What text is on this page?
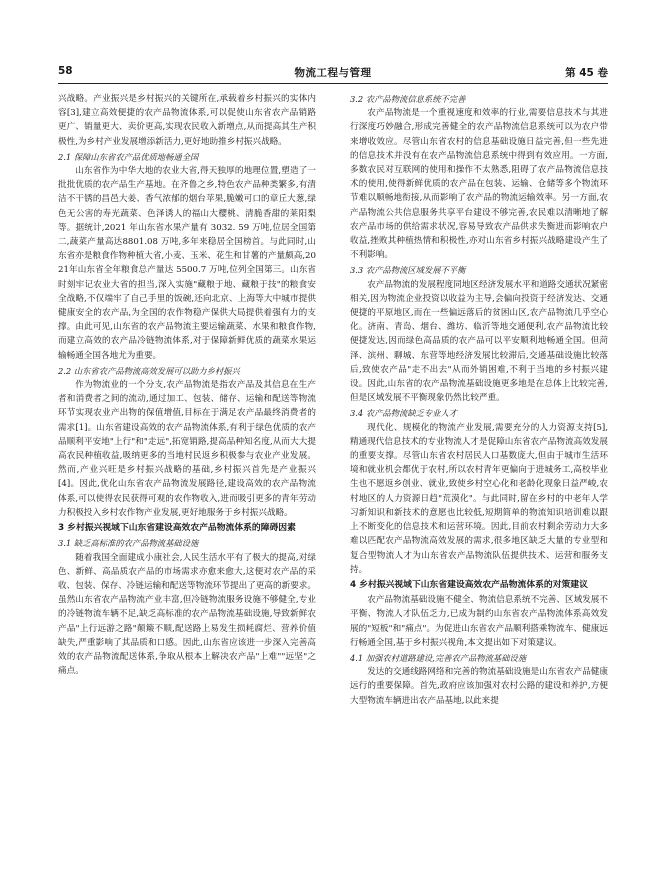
58	物流工程与管理	第 45 卷

兴战略。产业振兴是乡村振兴的关键所在,承载着乡村振兴的实体内容[3],建立高效便捷的农产品物流体系,可以促使山东省农产品销路更广、销量更大、卖价更高,实现农民收入新增点,从而提高其生产积极性,为乡村产业发展增添新活力,更好地助推乡村振兴战略。

2.1 保障山东省农产品优质地畅通全国

山东省作为中华大地的农业大省,得天独厚的地理位置,塑造了一批批优质的农产品生产基地。在齐鲁之乡,特色农产品种类繁多,有清洁不干锈的昌邑大姜、香气浓郁的烟台苹果,脆嫩可口的章丘大葱,绿色无公害的寿光蔬菜、色泽诱人的福山大樱桃、清脆香甜的莱阳梨等。据统计,2021 年山东省水果产量有 3032. 59 万吨,位居全国第二,蔬菜产量高达8801.08 万吨,多年来稳居全国榜首。与此同时,山东省亦是粮食作物种植大省,小麦、玉米、花生和甘薯的产量颇高,2021年山东省全年粮食总产量达 5500.7 万吨,位列全国第三。山东省时刻牢记农业大省的担当,深入实施"藏粮于地、藏粮于技"的粮食安全战略,不仅端牢了自己手里的饭碗,还向北京、上海等大中城市提供健康安全的农产品,为全国的农作物稳产保供大局提供着强有力的支撑。由此可见,山东省的农产品物流主要运输蔬菜、水果和粮食作物,而建立高效的农产品冷链物流体系,对于保障新鲜优质的蔬菜水果运输畅通全国各地尤为重要。

2.2 山东省农产品物流高效发展可以助力乡村振兴

作为物流业的一个分支,农产品物流是指农产品及其信息在生产者和消费者之间的流动,通过加工、包装、储存、运输和配送等物流环节实现农业产出物的保值增值,目标在于满足农产品最终消费者的需求[1]。山东省建设高效的农产品物流体系,有利于绿色优质的农产品顺利平安地"上行"和"走远",拓宽销路,提高品种知名度,从而大大提高农民种植收益,吸纳更多的当地村民返乡积极参与农业产业发展。然而,产业兴旺是乡村振兴战略的基础,乡村振兴首先是产业振兴[4]。因此,优化山东省农产品物流发展路径,建设高效的农产品物流体系,可以使得农民获得可观的农作物收入,进而吸引更多的青年劳动力积极投入乡村农作物产业发展,更好地服务于乡村振兴战略。

3 乡村振兴视域下山东省建设高效农产品物流体系的障碍因素
3.1 缺乏高标准的农产品物流基础设施

随着我国全面建成小康社会,人民生活水平有了极大的提高,对绿色、新鲜、高品质农产品的市场需求亦愈来愈大,这便对农产品的采收、包装、保存、冷链运输和配送等物流环节提出了更高的新要求。虽然山东省农产品物流产业丰富,但冷链物流服务设施不够健全,专业的冷链物流车辆不足,缺乏高标准的农产品物流基础设施,导致新鲜农产品"上行远游之路"颠簸不顺,配送路上易发生损耗腐烂、营养价值缺失,严重影响了其品质和口感。因此,山东省应该进一步深入完善高效的农产品物流配送体系,争取从根本上解决农产品"上难""远坚"之痛点。

3.2 农产品物流信息系统不完善

农产品物流是一个重视速度和效率的行业,需要信息技术与其进行深度巧妙融合,形成完善健全的农产品物流信息系统可以为农户带来增收效应。尽管山东省农村的信息基础设施日益完善,但一些先进的信息技术并没有在农产品物流信息系统中得到有效应用。一方面,多数农民对互联网的使用和操作不太熟悉,阻碍了农产品物流信息技术的使用,使得新鲜优质的农产品在包装、运输、仓储等多个物流环节难以顺畅地衔接,从而影响了农产品的物流运输效率。另一方面,农产品物流公共信息服务共享平台建设不够完善,农民难以清晰地了解农产品市场的供给需求状况,容易导致农产品供求失衡进而影响农户收益,挫败其种植热情和积极性,亦对山东省乡村振兴战略建设产生了不利影响。

3.3 农产品物流区域发展不平衡

农产品物流的发展程度同地区经济发展水平和道路交通状况紧密相关,因为物流企业投资以收益为主导,会偏向投资于经济发达、交通便捷的平原地区,而在一些偏远落后的贫困山区,农产品物流几乎空心化。济南、青岛、烟台、潍坊、临沂等地交通便利,农产品物流比较便捷发达,因而绿色高品质的农产品可以平安顺利地畅通全国。但菏泽、滨州、聊城、东营等地经济发展比较滞后,交通基础设施比较落后,致使农产品"走不出去"从而外销困难,不利于当地的乡村振兴建设。因此,山东省的农产品物流基础设施更多地是在总体上比较完善,但是区域发展不平衡现象仍然比较严重。

3.4 农产品物流缺乏专业人才

现代化、规模化的物流产业发展,需要充分的人力资源支持[5],精通现代信息技术的专业物流人才是促障山东省农产品物流高效发展的重要支撑。尽管山东省农村居民人口基数庞大,但由于城市生活环境和就业机会都优于农村,所以农村青年更偏向于进城务工,高校毕业生也不愿返乡创业、就业,致使乡村空心化和老龄化现象日益严峻,农村地区的人力资源日趋"荒漠化"。与此同时,留在乡村的中老年人学习新知识和新技术的意愿也比较低,短期简单的物流知识培训难以跟上不断变化的信息技术和运营环境。因此,目前农村剩余劳动力大多难以匹配农产品物流高效发展的需求,很多地区缺乏大量的专业型和复合型物流人才为山东省农产品物流队伍提供技术、运营和服务支持。

4 乡村振兴视域下山东省建设高效农产品物流体系的对策建议

农产品物流基础设施不健全、物流信息系统不完善、区域发展不平衡、物流人才队伍乏力,已成为制约山东省农产品物流体系高效发展的"短板"和"痛点"。为促进山东省农产品顺利搭乘物流车、健康远行畅通全国,基于乡村振兴视角,本文提出如下对策建议。

4.1 加强农村道路建设,完善农产品物流基础设施

发达的交通线路网络和完善的物流基础设施是山东省农产品健康远行的重要保障。首先,政府应该加强对农村公路的建设和养护,方便大型物流车辆进出农产品基地,以此来提
